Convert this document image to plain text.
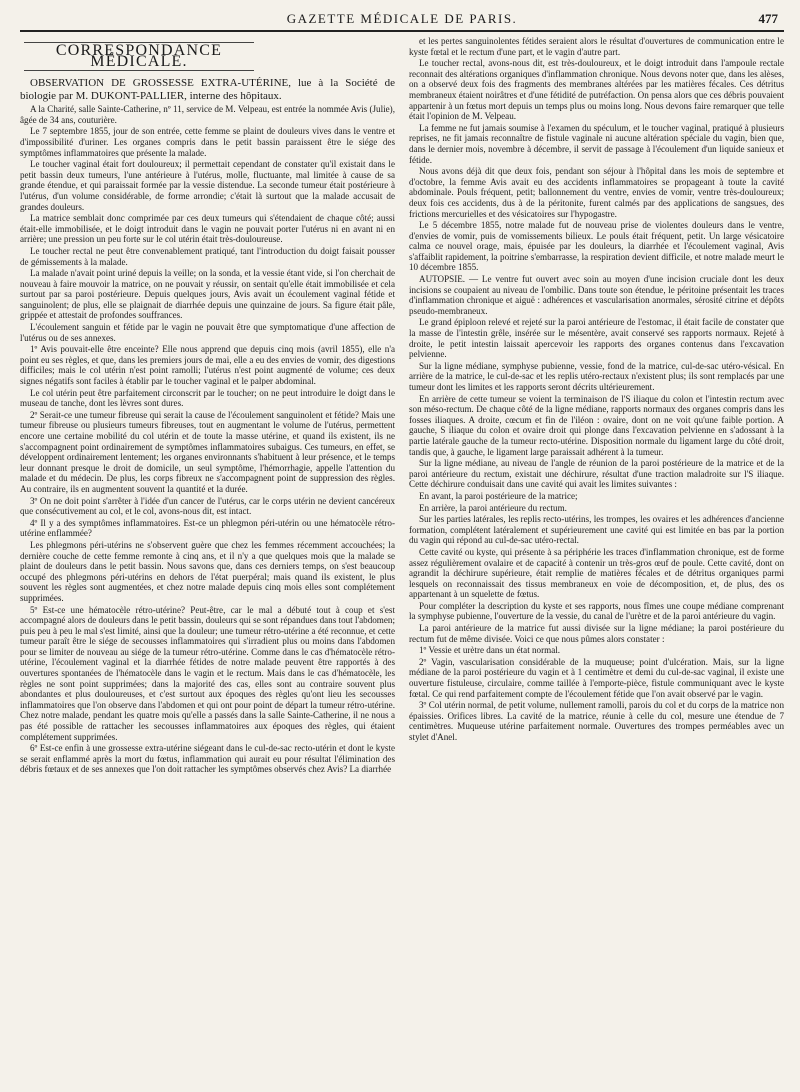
GAZETTE MÉDICALE DE PARIS.	477
CORRESPONDANCE MÉDICALE.

OBSERVATION DE GROSSESSE EXTRA-UTÉRINE, lue à la Société de biologie par M. DUKONT-PALLIER, interne des hôpitaux.

A la Charité, salle Sainte-Catherine, nº 11, service de M. Velpeau, est entrée la nommée Avis (Julie), âgée de 34 ans, couturière.

Le 7 septembre 1855, jour de son entrée, cette femme se plaint de douleurs vives dans le ventre et d'impossibilité d'uriner. Les organes compris dans le petit bassin paraissent être le siége des symptômes inflammatoires que présente la malade.

Le toucher vaginal était fort douloureux; il permettait cependant de constater qu'il existait dans le petit bassin deux tumeurs, l'une antérieure à l'utérus, molle, fluctuante, mal limitée à cause de sa grande étendue, et qui paraissait formée par la vessie distendue. La seconde tumeur était postérieure à l'utérus, d'un volume considérable, de forme arrondie; c'était là surtout que la malade accusait de grandes douleurs.

La matrice semblait donc comprimée par ces deux tumeurs qui s'étendaient de chaque côté; aussi était-elle immobilisée, et le doigt introduit dans le vagin ne pouvait porter l'utérus ni en avant ni en arrière; une pression un peu forte sur le col utérin était très-douloureuse.

Le toucher rectal ne peut être convenablement pratiqué, tant l'introduction du doigt faisait pousser de gémissements à la malade.

La malade n'avait point uriné depuis la veille; on la sonda, et la vessie étant vide, si l'on cherchait de nouveau à faire mouvoir la matrice, on ne pouvait y réussir, on sentait qu'elle était immobilisée et cela surtout par sa paroi postérieure. Depuis quelques jours, Avis avait un écoulement vaginal fétide et sanguinolent; de plus, elle se plaignait de diarrhée depuis une quinzaine de jours. Sa figure était pâle, grippée et attestait de profondes souffrances.

L'écoulement sanguin et fétide par le vagin ne pouvait être que symptomatique d'une affection de l'utérus ou de ses annexes.

1º Avis pouvait-elle être enceinte? Elle nous apprend que depuis cinq mois (avril 1855), elle n'a point eu ses règles, et que, dans les premiers jours de mai, elle a eu des envies de vomir, des digestions difficiles; mais le col utérin n'est point ramolli; l'utérus n'est point augmenté de volume; ces deux signes négatifs sont faciles à établir par le toucher vaginal et le palper abdominal.

Le col utérin peut être parfaitement circonscrit par le toucher; on ne peut introduire le doigt dans le museau de tanche, dont les lèvres sont dures.

2º Serait-ce une tumeur fibreuse qui serait la cause de l'écoulement sanguinolent et fétide? Mais une tumeur fibreuse ou plusieurs tumeurs fibreuses, tout en augmentant le volume de l'utérus, permettent encore une certaine mobilité du col utérin et de toute la masse utérine, et quand ils existent, ils ne s'accompagnent point ordinairement de symptômes inflammatoires subaigus. Ces tumeurs, en effet, se développent ordinairement lentement; les organes environnants s'habituent à leur présence, et le temps leur donnant presque le droit de domicile, un seul symptôme, l'hémorrhagie, appelle l'attention du malade et du médecin. De plus, les corps fibreux ne s'accompagnent point de suppression des règles. Au contraire, ils en augmentent souvent la quantité et la durée.

3º On ne doit point s'arrêter à l'idée d'un cancer de l'utérus, car le corps utérin ne devient cancéreux que consécutivement au col, et le col, avons-nous dit, est intact.

4º Il y a des symptômes inflammatoires. Est-ce un phlegmon péri-utérin ou une hématocèle rétro-utérine enflammée?

Les phlegmons péri-utérins ne s'observent guère que chez les femmes récemment accouchées; la dernière couche de cette femme remonte à cinq ans, et il n'y a que quelques mois que la malade se plaint de douleurs dans le petit bassin. Nous savons que, dans ces derniers temps, on s'est beaucoup occupé des phlegmons péri-utérins en dehors de l'état puerpéral; mais quand ils existent, le plus souvent les règles sont augmentées, et chez notre malade depuis cinq mois elles sont complétement supprimées.

5º Est-ce une hématocèle rétro-utérine? Peut-être, car le mal a débuté tout à coup et s'est accompagné alors de douleurs dans le petit bassin, douleurs qui se sont répandues dans tout l'abdomen; puis peu à peu le mal s'est limité, ainsi que la douleur; une tumeur rétro-utérine a été reconnue, et cette tumeur paraît être le siége de secousses inflammatoires qui s'irradient plus ou moins dans l'abdomen pour se limiter de nouveau au siége de la tumeur rétro-utérine. Comme dans le cas d'hématocèle rétro-utérine, l'écoulement vaginal et la diarrhée fétides de notre malade peuvent être rapportés à des ouvertures spontanées de l'hématocèle dans le vagin et le rectum. Mais dans le cas d'hématocèle, les règles ne sont point supprimées; dans la majorité des cas, elles sont au contraire souvent plus abondantes et plus douloureuses, et c'est surtout aux époques des règles qu'ont lieu les secousses inflammatoires que l'on observe dans l'abdomen et qui ont pour point de départ la tumeur rétro-utérine. Chez notre malade, pendant les quatre mois qu'elle a passés dans la salle Sainte-Catherine, il ne nous a pas été possible de rattacher les secousses inflammatoires aux époques des règles, qui étaient complétement supprimées.

6º Est-ce enfin à une grossesse extra-utérine siégeant dans le cul-de-sac recto-utérin et dont le kyste se serait enflammé après la mort du fœtus, inflammation qui aurait eu pour résultat l'élimination des débris fœtaux et de ses annexes que l'on doit rattacher les symptômes observés chez Avis? La diarrhée

et les pertes sanguinolentes fétides seraient alors le résultat d'ouvertures de communication entre le kyste fœtal et le rectum d'une part, et le vagin d'autre part.

Le toucher rectal, avons-nous dit, est très-douloureux, et le doigt introduit dans l'ampoule rectale reconnait des altérations organiques d'inflammation chronique. Nous devons noter que, dans les alèses, on a observé deux fois des fragments des membranes altérées par les matières fécales. Ces détritus membraneux étaient noirâtres et d'une fétidité de putréfaction. On pensa alors que ces débris pouvaient appartenir à un fœtus mort depuis un temps plus ou moins long. Nous devons faire remarquer que telle était l'opinion de M. Velpeau.

La femme ne fut jamais soumise à l'examen du spéculum, et le toucher vaginal, pratiqué à plusieurs reprises, ne fit jamais reconnaître de fistule vaginale ni aucune altération spéciale du vagin, bien que, dans le dernier mois, novembre à décembre, il servit de passage à l'écoulement d'un liquide sanieux et fétide.

Nous avons déjà dit que deux fois, pendant son séjour à l'hôpital dans les mois de septembre et d'octobre, la femme Avis avait eu des accidents inflammatoires se propageant à toute la cavité abdominale. Pouls fréquent, petit; ballonnement du ventre, envies de vomir, ventre très-douloureux; deux fois ces accidents, dus à de la péritonite, furent calmés par des applications de sangsues, des frictions mercurielles et des vésicatoires sur l'hypogastre.

Le 5 décembre 1855, notre malade fut de nouveau prise de violentes douleurs dans le ventre, d'envies de vomir, puis de vomissements bilieux. Le pouls était fréquent, petit. Un large vésicatoire calma ce nouvel orage, mais, épuisée par les douleurs, la diarrhée et l'écoulement vaginal, Avis s'affaiblit rapidement, la poitrine s'embarrasse, la respiration devient difficile, et notre malade meurt le 10 décembre 1855.

AUTOPSIE. — Le ventre fut ouvert avec soin au moyen d'une incision cruciale dont les deux incisions se coupaient au niveau de l'ombilic. Dans toute son étendue, le péritoine présentait les traces d'inflammation chronique et aiguë : adhérences et vascularisation anormales, sérosité citrine et dépôts pseudo-membraneux.

Le grand épiploon relevé et rejeté sur la paroi antérieure de l'estomac, il était facile de constater que la masse de l'intestin grêle, insérée sur le mésentère, avait conservé ses rapports normaux. Rejeté à droite, le petit intestin laissait apercevoir les rapports des organes contenus dans l'excavation pelvienne.

Sur la ligne médiane, symphyse pubienne, vessie, fond de la matrice, cul-de-sac utéro-vésical. En arrière de la matrice, le cul-de-sac et les replis utéro-rectaux n'existent plus; ils sont remplacés par une tumeur dont les limites et les rapports seront décrits ultérieurement.

En arrière de cette tumeur se voient la terminaison de l'S iliaque du colon et l'intestin rectum avec son méso-rectum. De chaque côté de la ligne médiane, rapports normaux des organes compris dans les fosses iliaques. A droite, cœcum et fin de l'iléon : ovaire, dont on ne voit qu'une faible portion. A gauche, S iliaque du colon et ovaire droit qui plonge dans l'excavation pelvienne en s'adossant à la partie latérale gauche de la tumeur recto-utérine. Disposition normale du ligament large du côté droit, tandis que, à gauche, le ligament large paraissait adhérent à la tumeur.

Sur la ligne médiane, au niveau de l'angle de réunion de la paroi postérieure de la matrice et de la paroi antérieure du rectum, existait une déchirure, résultat d'une traction maladroite sur l'S iliaque. Cette déchirure conduisait dans une cavité qui avait les limites suivantes :

En avant, la paroi postérieure de la matrice;

En arrière, la paroi antérieure du rectum.

Sur les parties latérales, les replis recto-utérins, les trompes, les ovaires et les adhérences d'ancienne formation, complétent latéralement et supérieurement une cavité qui est limitée en bas par la portion du vagin qui répond au cul-de-sac utéro-rectal.

Cette cavité ou kyste, qui présente à sa périphérie les traces d'inflammation chronique, est de forme assez régulièrement ovalaire et de capacité à contenir un très-gros œuf de poule. Cette cavité, dont on agrandit la déchirure supérieure, était remplie de matières fécales et de détritus organiques parmi lesquels on reconnaissait des tissus membraneux en voie de décomposition, et, de plus, des os appartenant à un squelette de fœtus.

Pour compléter la description du kyste et ses rapports, nous fîmes une coupe médiane comprenant la symphyse pubienne, l'ouverture de la vessie, du canal de l'urètre et de la paroi antérieure du vagin.

La paroi antérieure de la matrice fut aussi divisée sur la ligne médiane; la paroi postérieure du rectum fut de même divisée. Voici ce que nous pûmes alors constater :

1º Vessie et urètre dans un état normal.

2º Vagin, vascularisation considérable de la muqueuse; point d'ulcération. Mais, sur la ligne médiane de la paroi postérieure du vagin et à 1 centimètre et demi du cul-de-sac vaginal, il existe une ouverture fistuleuse, circulaire, comme taillée à l'emporte-pièce, fistule communiquant avec le kyste fœtal. Ce qui rend parfaitement compte de l'écoulement fétide que l'on avait observé par le vagin.

3º Col utérin normal, de petit volume, nullement ramolli, parois du col et du corps de la matrice non épaissies. Orifices libres. La cavité de la matrice, réunie à celle du col, mesure une étendue de 7 centimètres. Muqueuse utérine parfaitement normale. Ouvertures des trompes perméables avec un stylet d'Anel.
